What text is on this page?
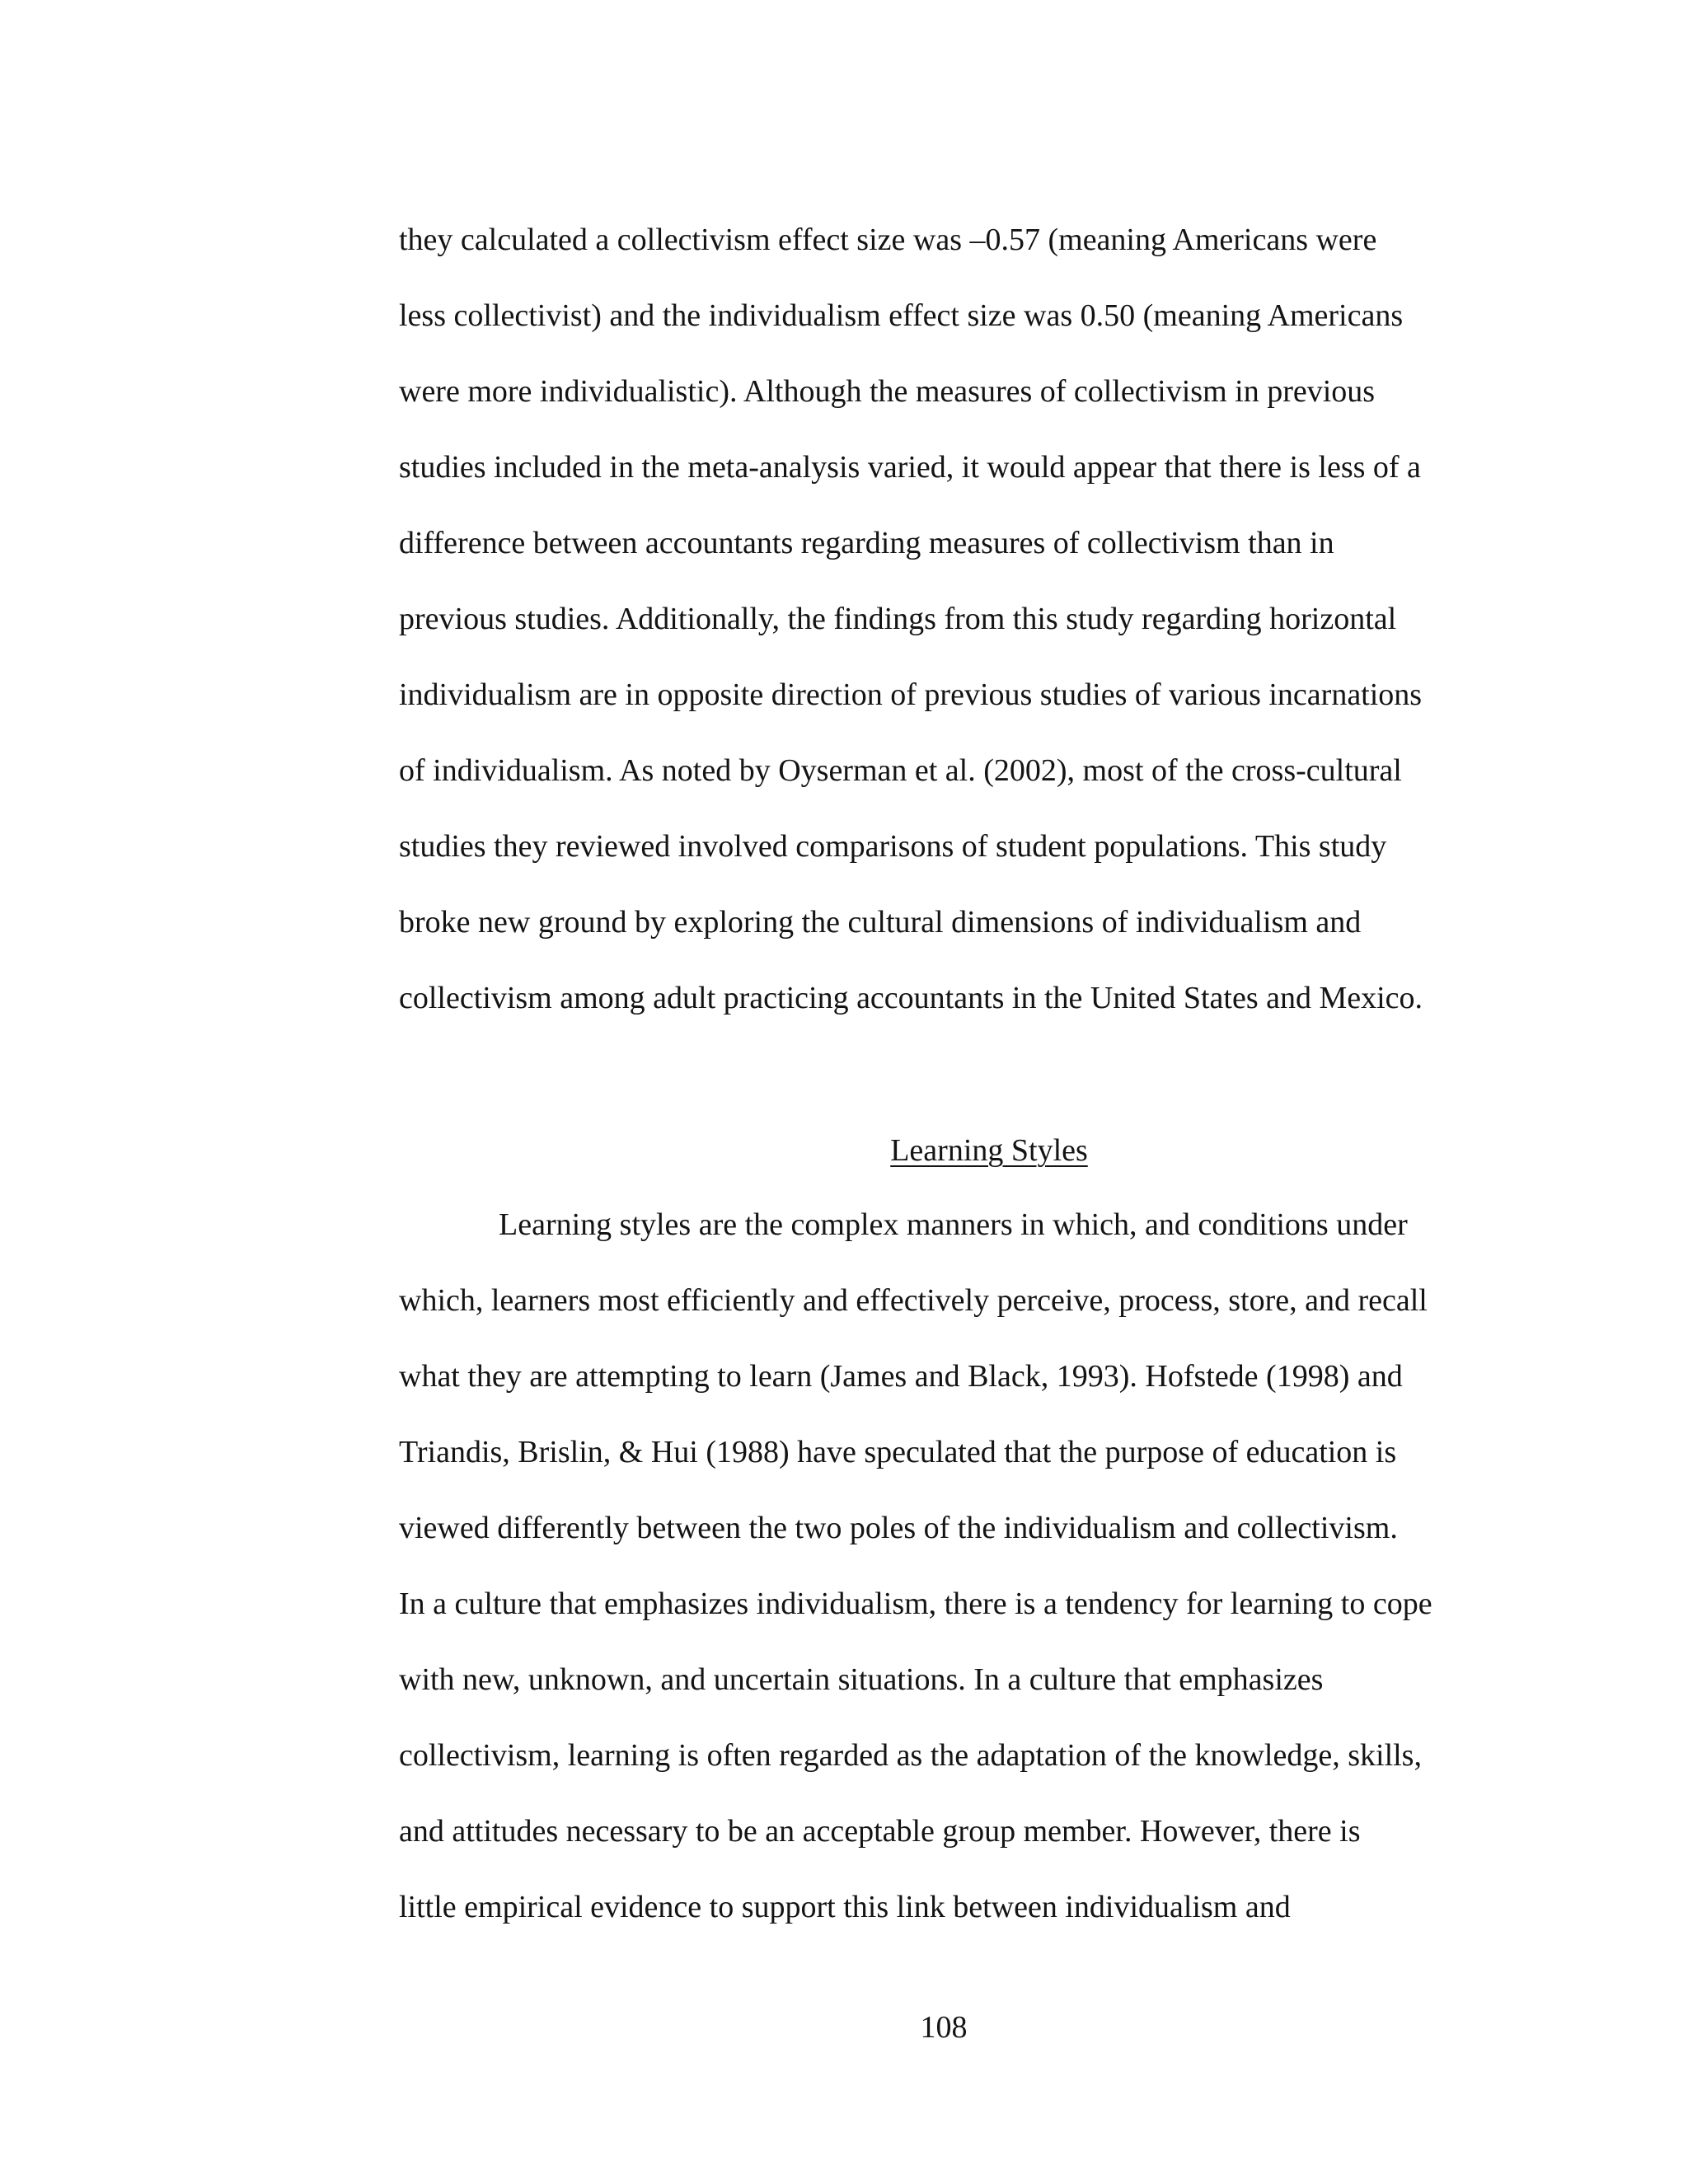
they calculated a collectivism effect size was –0.57 (meaning Americans were
less collectivist) and the individualism effect size was 0.50 (meaning Americans
were more individualistic). Although the measures of collectivism in previous
studies included in the meta-analysis varied, it would appear that there is less of a
difference between accountants regarding measures of collectivism than in
previous studies. Additionally, the findings from this study regarding horizontal
individualism are in opposite direction of previous studies of various incarnations
of individualism. As noted by Oyserman et al. (2002), most of the cross-cultural
studies they reviewed involved comparisons of student populations. This study
broke new ground by exploring the cultural dimensions of individualism and
collectivism among adult practicing accountants in the United States and Mexico.
Learning Styles
Learning styles are the complex manners in which, and conditions under
which, learners most efficiently and effectively perceive, process, store, and recall
what they are attempting to learn (James and Black, 1993). Hofstede (1998) and
Triandis, Brislin, & Hui (1988) have speculated that the purpose of education is
viewed differently between the two poles of the individualism and collectivism.
In a culture that emphasizes individualism, there is a tendency for learning to cope
with new, unknown, and uncertain situations. In a culture that emphasizes
collectivism, learning is often regarded as the adaptation of the knowledge, skills,
and attitudes necessary to be an acceptable group member. However, there is
little empirical evidence to support this link between individualism and
108
